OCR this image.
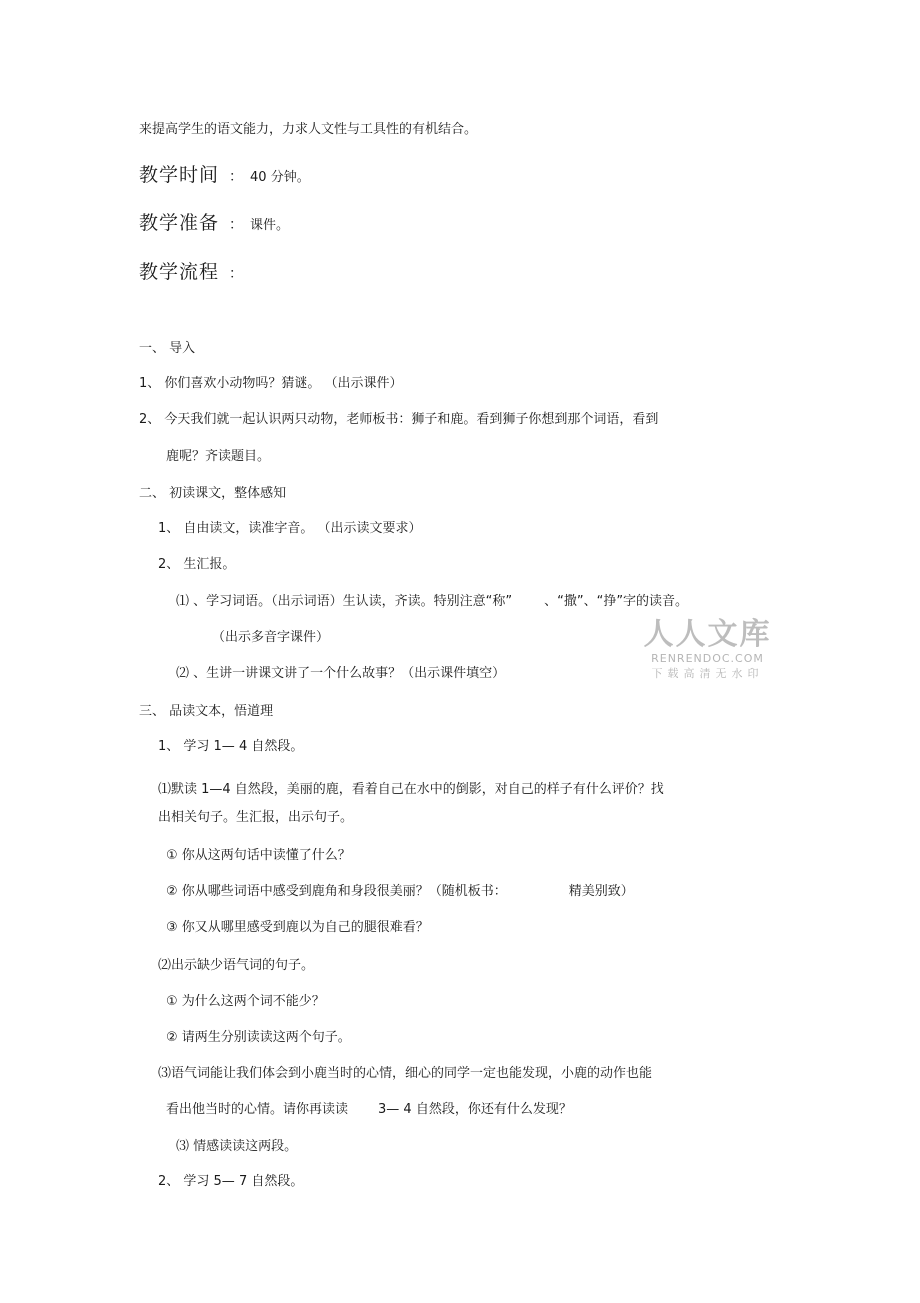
来提高学生的语文能力，力求人文性与工具性的有机结合。
教学时间 ： 40 分钟。
教学准备 ： 课件。
教学流程 ：
一、 导入
1、 你们喜欢小动物吗？猜谜。 （出示课件）
2、 今天我们就一起认识两只动物，老师板书：狮子和鹿。看到狮子你想到那个词语，看到
鹿呢？齐读题目。
二、 初读课文，整体感知
1、 自由读文，读准字音。 （出示读文要求）
2、 生汇报。
⑴ 、学习词语。（出示词语）生认读，齐读。特别注意“称” 、“撒”、“挣”字的读音。
（出示多音字课件）
⑵ 、生讲一讲课文讲了一个什么故事？（出示课件填空）
三、 品读文本，悟道理
1、 学习 1— 4 自然段。
⑴默读 1—4 自然段，美丽的鹿，看着自己在水中的倒影，对自己的样子有什么评价？找
出相关句子。生汇报，出示句子。
① 你从这两句话中读懂了什么？
② 你从哪些词语中感受到鹿角和身段很美丽？（随机板书：	精美别致）
③ 你又从哪里感受到鹿以为自己的腿很难看？
⑵出示缺少语气词的句子。
① 为什么这两个词不能少？
② 请两生分别读读这两个句子。
⑶语气词能让我们体会到小鹿当时的心情，细心的同学一定也能发现，小鹿的动作也能
看出他当时的心情。请你再读读 3— 4 自然段，你还有什么发现？
⑶ 情感读读这两段。
2、 学习 5— 7 自然段。
人人文库
RENRENDOC.COM
下载高清无水印
